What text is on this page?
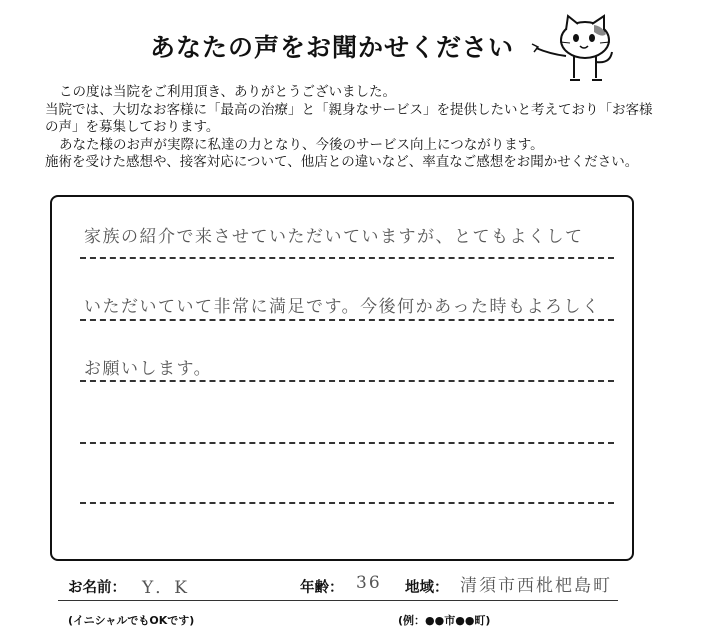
あなたの声をお聞かせください

この度は当院をご利用頂き、ありがとうございました。

当院では、大切なお客様に「最高の治療」と「親身なサービス」を提供したいと考えており「お客様の声」を募集しております。

あなた様のお声が実際に私達の力となり、今後のサービス向上につながります。

施術を受けた感想や、接客対応について、他店との違いなど、率直なご感想をお聞かせください。

家族の紹介で来させていただいていますが、とてもよくして
いただいていて非常に満足です。今後何かあった時もよろしく
お願いします。
お名前： Y．K	年齢： 36 地域： 清須市西枇杷島町
(イニシャルでもOKです)	(例：●●市●●町)
